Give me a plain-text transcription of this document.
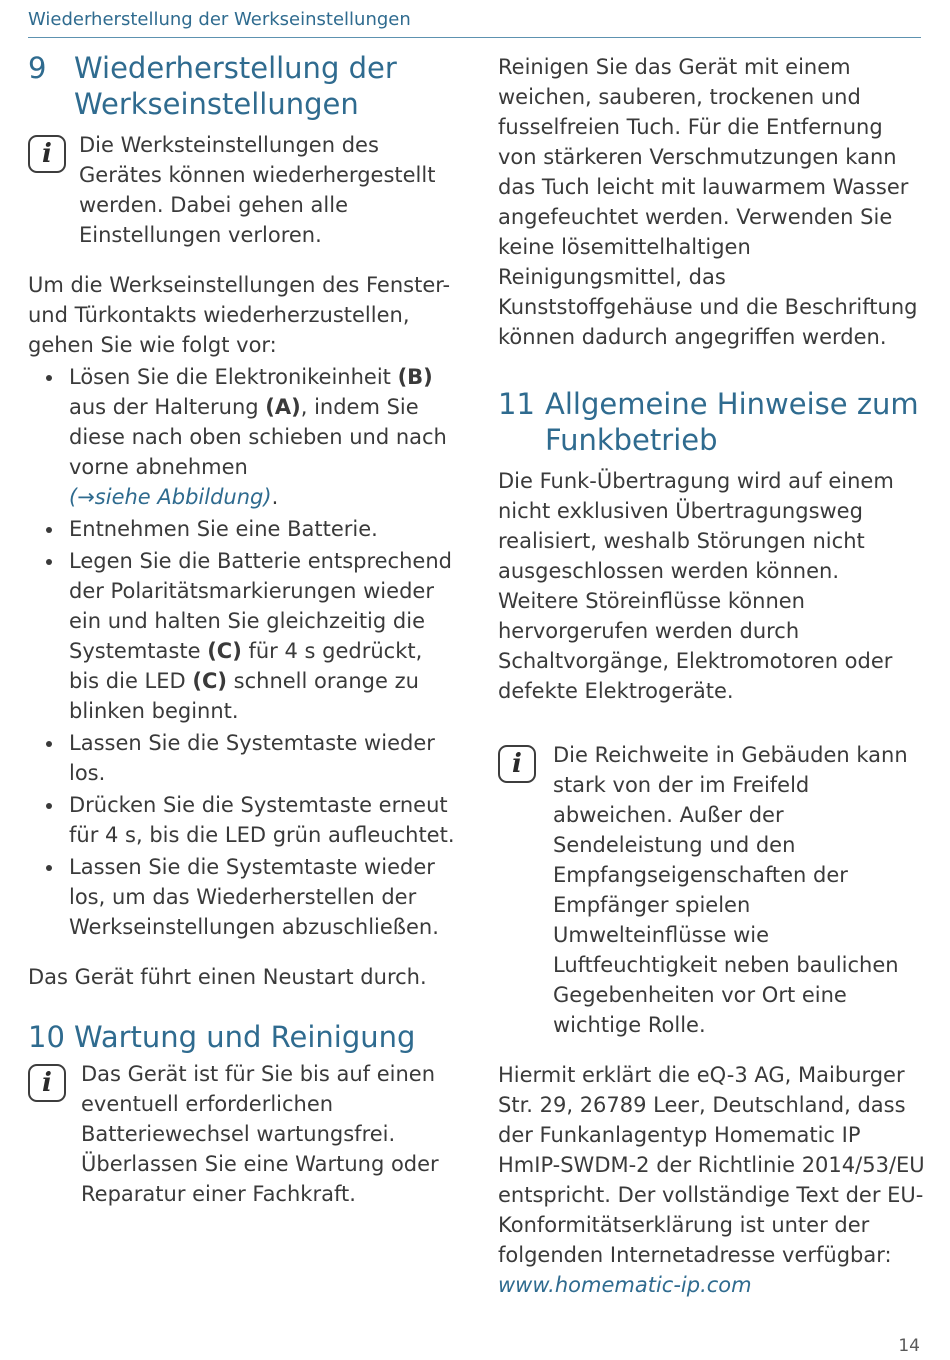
Wiederherstellung der Werkseinstellungen
9 Wiederherstellung der Werkseinstellungen
i Die Werksteinstellungen des Gerätes können wiederhergestellt werden. Dabei gehen alle Einstellungen verloren.

Um die Werkseinstellungen des Fenster- und Türkontakts wiederherzustellen, gehen Sie wie folgt vor:

Lösen Sie die Elektronikeinheit (B) aus der Halterung (A), indem Sie diese nach oben schieben und nach vorne abnehmen
(→siehe Abbildung).
Entnehmen Sie eine Batterie.
Legen Sie die Batterie entsprechend der Polaritätsmarkierungen wieder ein und halten Sie gleichzeitig die Systemtaste (C) für 4 s gedrückt, bis die LED (C) schnell orange zu blinken beginnt.
Lassen Sie die Systemtaste wieder los.
Drücken Sie die Systemtaste erneut für 4 s, bis die LED grün aufleuchtet.
Lassen Sie die Systemtaste wieder los, um das Wiederherstellen der Werkseinstellungen abzuschließen.

Das Gerät führt einen Neustart durch.

10 Wartung und Reinigung
i Das Gerät ist für Sie bis auf einen eventuell erforderlichen Batteriewechsel wartungsfrei. Überlassen Sie eine Wartung oder Reparatur einer Fachkraft.

Reinigen Sie das Gerät mit einem weichen, sauberen, trockenen und fusselfreien Tuch. Für die Entfernung von stärkeren Verschmutzungen kann das Tuch leicht mit lauwarmem Wasser angefeuchtet werden. Verwenden Sie keine lösemittelhaltigen Reinigungsmittel, das Kunststoffgehäuse und die Beschriftung können dadurch angegriffen werden.

11 Allgemeine Hinweise zum Funkbetrieb

Die Funk-Übertragung wird auf einem nicht exklusiven Übertragungsweg realisiert, weshalb Störungen nicht ausgeschlossen werden können. Weitere Störeinflüsse können hervorgerufen werden durch Schaltvorgänge, Elektromotoren oder defekte Elektrogeräte.

i Die Reichweite in Gebäuden kann stark von der im Freifeld abweichen. Außer der Sendeleistung und den Empfangseigenschaften der Empfänger spielen Umwelteinflüsse wie Luftfeuchtigkeit neben baulichen Gegebenheiten vor Ort eine wichtige Rolle.

Hiermit erklärt die eQ-3 AG, Maiburger Str. 29, 26789 Leer, Deutschland, dass der Funkanlagentyp Homematic IP HmIP-SWDM-2 der Richtlinie 2014/53/EU entspricht. Der vollständige Text der EU-Konformitätserklärung ist unter der folgenden Internetadresse verfügbar: www.homematic-ip.com

14
